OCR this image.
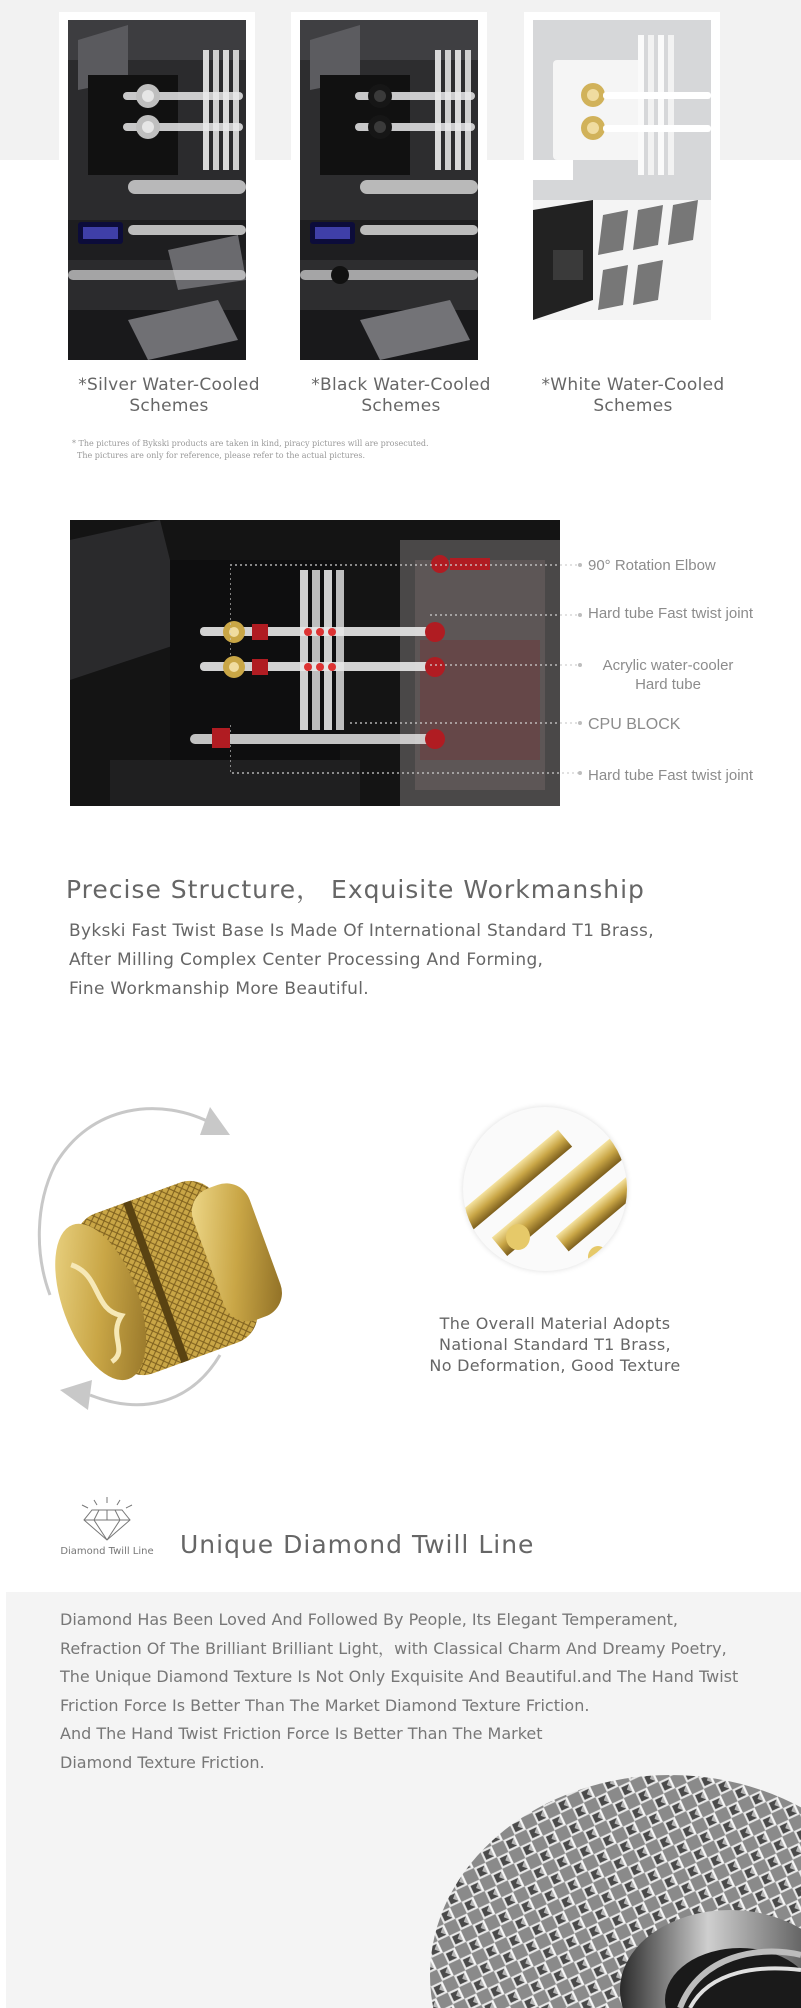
*Silver Water-Cooled
Schemes
*Black Water-Cooled
Schemes
*White Water-Cooled
Schemes
* The pictures of Bykski products are taken in kind, piracy pictures will are prosecuted.
The pictures are only for reference, please refer to the actual pictures.
90° Rotation Elbow
Hard tube Fast twist joint
Acrylic water-cooler
Hard tube
CPU BLOCK
Hard tube Fast twist joint
Precise Structure， Exquisite Workmanship
Bykski Fast Twist Base Is Made Of International Standard T1 Brass,
After Milling Complex Center Processing And Forming,
Fine Workmanship More Beautiful.
The Overall Material Adopts
National Standard T1 Brass,
No Deformation, Good Texture
Diamond Twill Line	Unique Diamond Twill Line
Diamond Has Been Loved And Followed By People, Its Elegant Temperament,
Refraction Of The Brilliant Brilliant Light，with Classical Charm And Dreamy Poetry,
The Unique Diamond Texture Is Not Only Exquisite And Beautiful.and The Hand Twist
Friction Force Is Better Than The Market Diamond Texture Friction.
And The Hand Twist Friction Force Is Better Than The Market
Diamond Texture Friction.
